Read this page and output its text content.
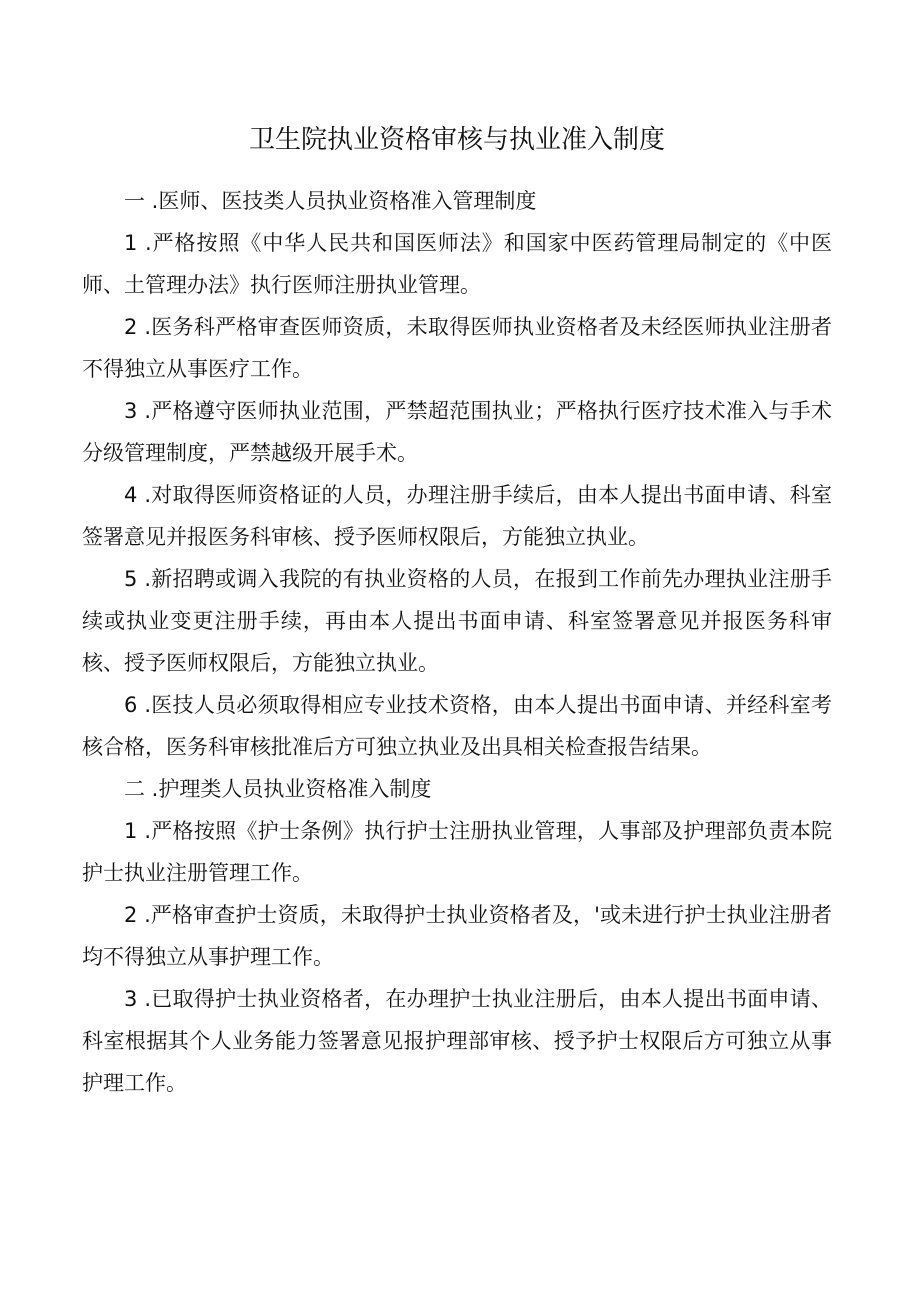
卫生院执业资格审核与执业准入制度

一 .医师、医技类人员执业资格准入管理制度

1 .严格按照《中华人民共和国医师法》和国家中医药管理局制定的《中医师、土管理办法》执行医师注册执业管理。

2 .医务科严格审查医师资质，未取得医师执业资格者及未经医师执业注册者不得独立从事医疗工作。

3 .严格遵守医师执业范围，严禁超范围执业；严格执行医疗技术准入与手术分级管理制度，严禁越级开展手术。

4 .对取得医师资格证的人员，办理注册手续后，由本人提出书面申请、科室签署意见并报医务科审核、授予医师权限后，方能独立执业。

5 .新招聘或调入我院的有执业资格的人员，在报到工作前先办理执业注册手续或执业变更注册手续，再由本人提出书面申请、科室签署意见并报医务科审核、授予医师权限后，方能独立执业。

6 .医技人员必须取得相应专业技术资格，由本人提出书面申请、并经科室考核合格，医务科审核批准后方可独立执业及出具相关检查报告结果。

二 .护理类人员执业资格准入制度

1 .严格按照《护士条例》执行护士注册执业管理，人事部及护理部负责本院护士执业注册管理工作。

2 .严格审查护士资质，未取得护士执业资格者及，'或未进行护士执业注册者均不得独立从事护理工作。

3 .已取得护士执业资格者，在办理护士执业注册后，由本人提出书面申请、科室根据其个人业务能力签署意见报护理部审核、授予护士权限后方可独立从事护理工作。
